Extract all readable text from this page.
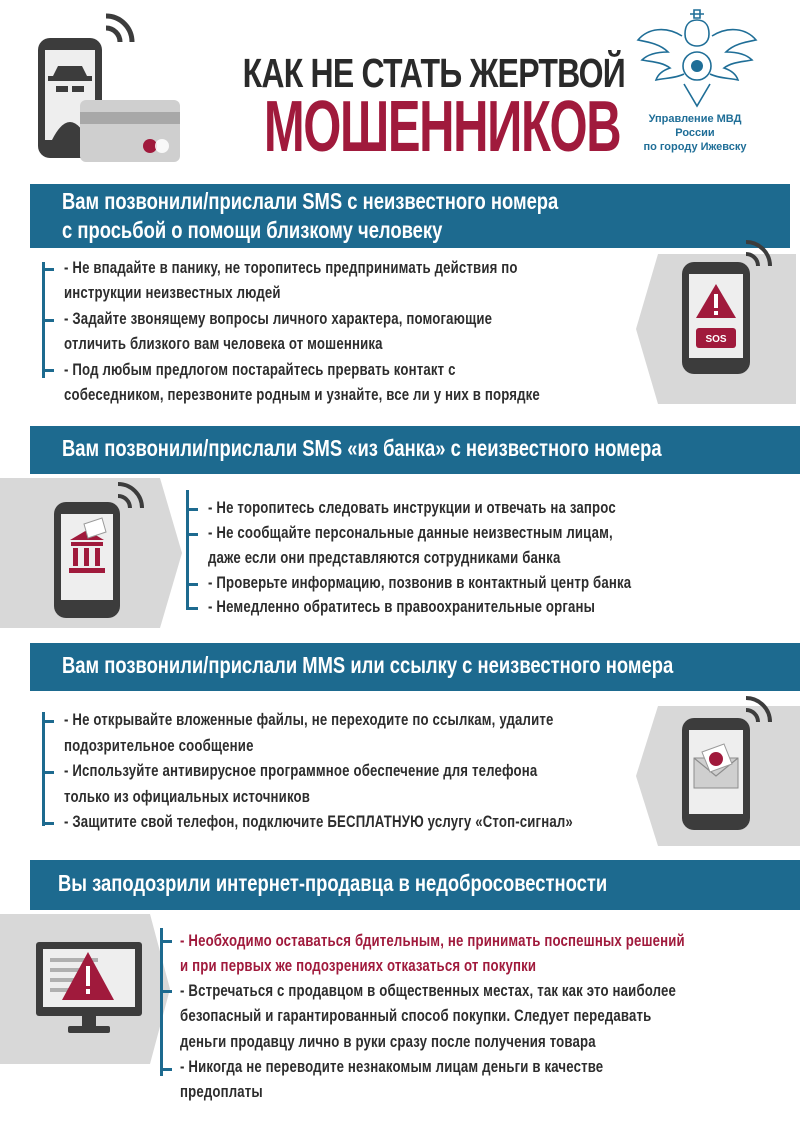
КАК НЕ СТАТЬ ЖЕРТВОЙ
МОШЕННИКОВ	Управление МВД
России
по городу Ижевску
Вам позвонили/прислали SMS с неизвестного номера
с просьбой о помощи близкому человеку
- Не впадайте в панику, не торопитесь предпринимать действия по
инструкции неизвестных людей
- Задайте звонящему вопросы личного характера, помогающие
отличить близкого вам человека от мошенника
- Под любым предлогом постарайтесь прервать контакт с
собеседником, перезвоните родным и узнайте, все ли у них в порядке
SOS
Вам позвонили/прислали SMS «из банка» с неизвестного номера
- Не торопитесь следовать инструкции и отвечать на запрос
- Не сообщайте персональные данные неизвестным лицам,
даже если они представляются сотрудниками банка
- Проверьте информацию, позвонив в контактный центр банка
- Немедленно обратитесь в правоохранительные органы
Вам позвонили/прислали MMS или ссылку с неизвестного номера
- Не открывайте вложенные файлы, не переходите по ссылкам, удалите
подозрительное сообщение
- Используйте антивирусное программное обеспечение для телефона
только из официальных источников
- Защитите свой телефон, подключите БЕСПЛАТНУЮ услугу «Стоп-сигнал»
Вы заподозрили интернет-продавца в недобросовестности
- Необходимо оставаться бдительным, не принимать поспешных решений
и при первых же подозрениях отказаться от покупки
- Встречаться с продавцом в общественных местах, так как это наиболее
безопасный и гарантированный способ покупки. Следует передавать
деньги продавцу лично в руки сразу после получения товара
- Никогда не переводите незнакомым лицам деньги в качестве
предоплаты
